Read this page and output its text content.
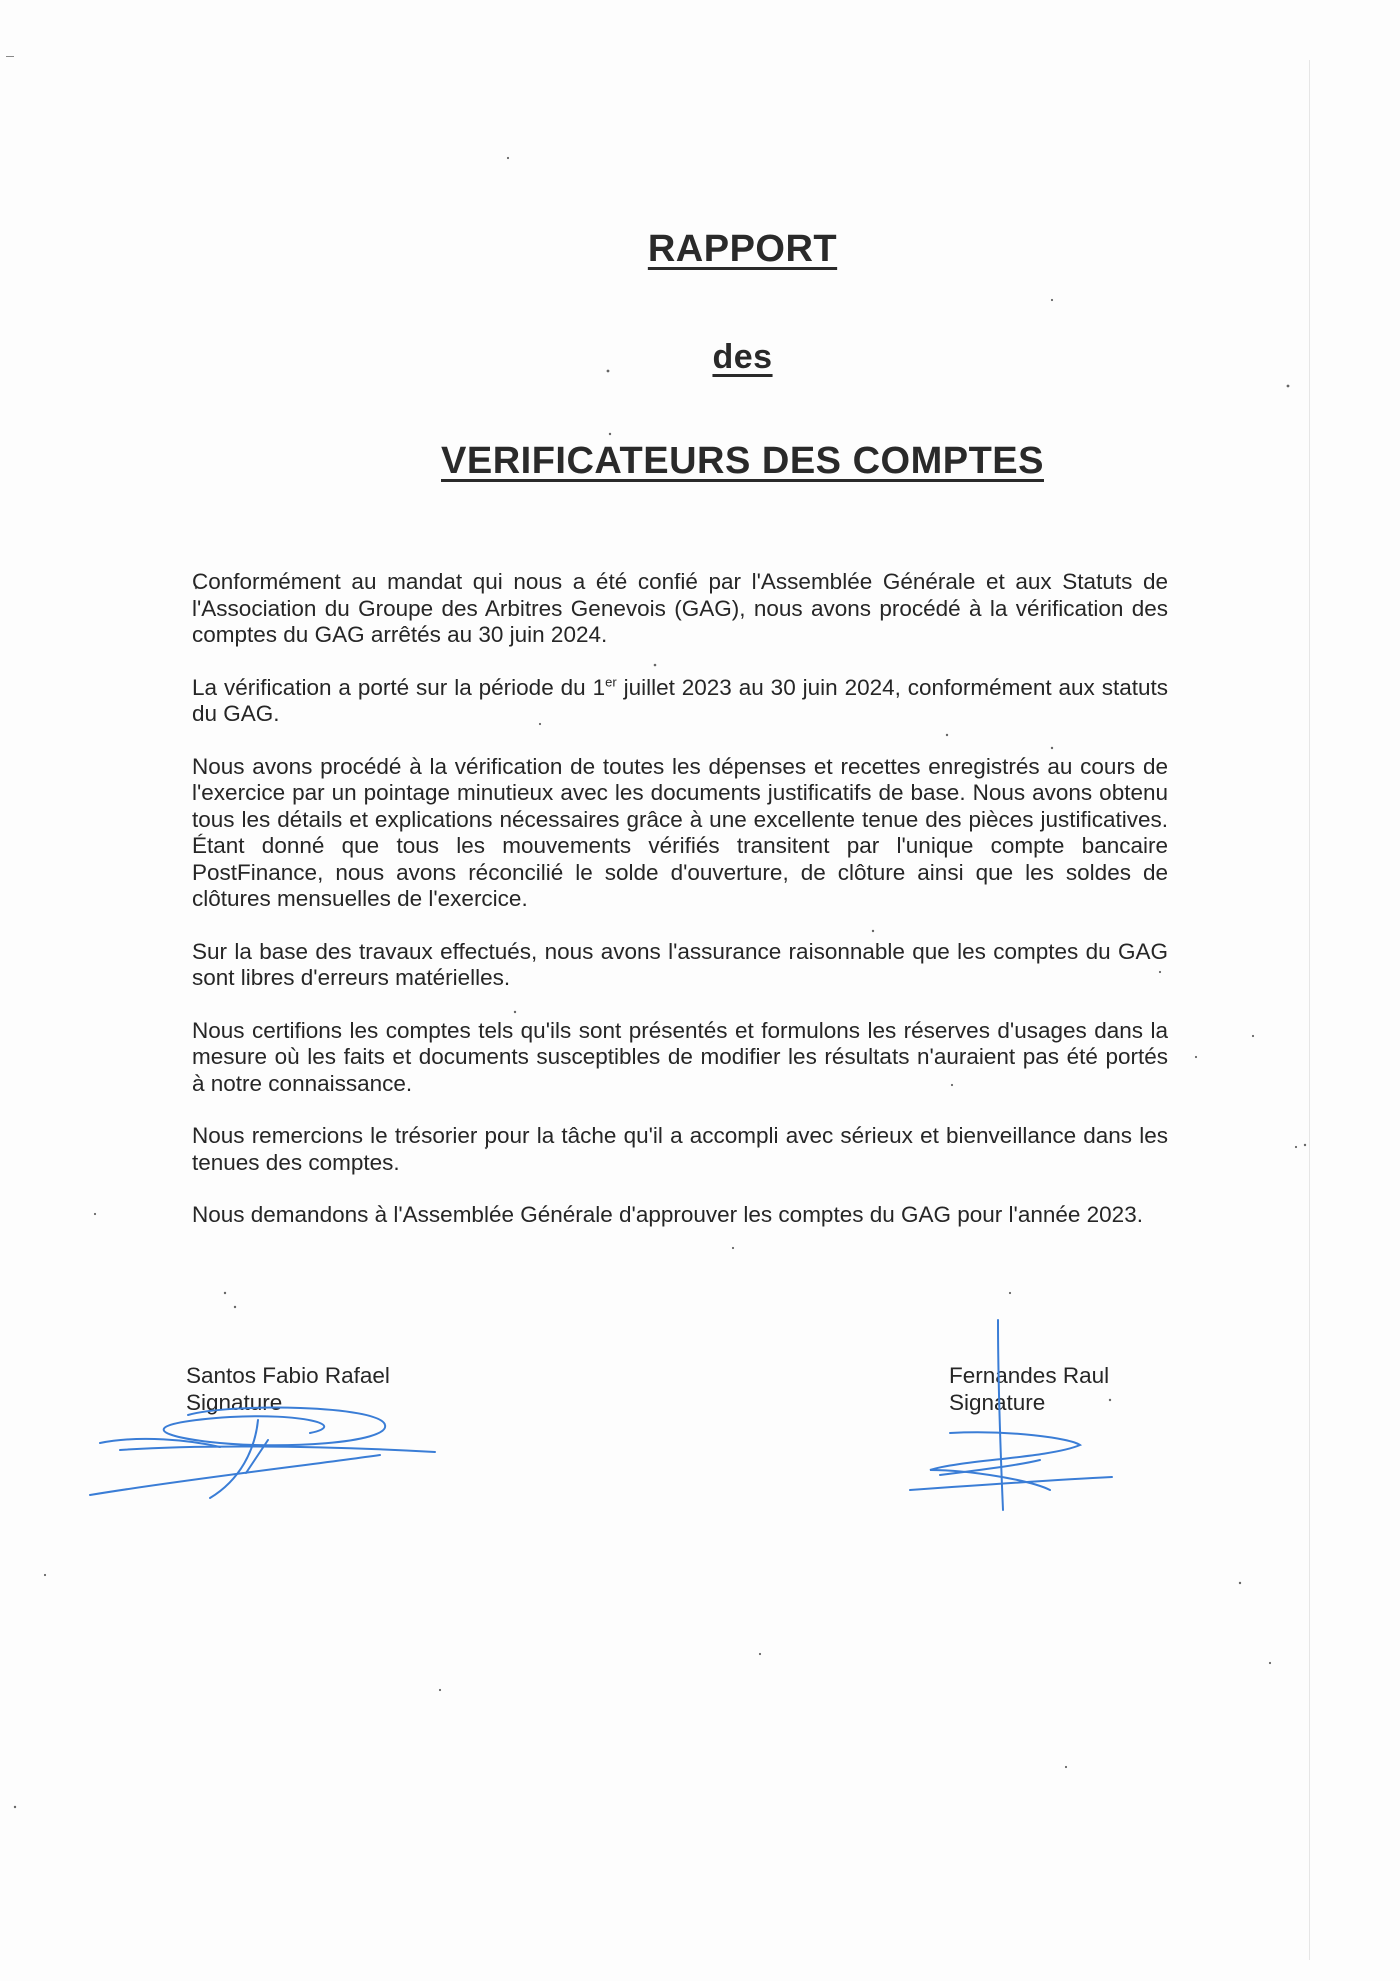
RAPPORT
des
VERIFICATEURS DES COMPTES

Conformément au mandat qui nous a été confié par l'Assemblée Générale et aux Statuts de l'Association du Groupe des Arbitres Genevois (GAG), nous avons procédé à la vérification des comptes du GAG arrêtés au 30 juin 2024.

La vérification a porté sur la période du 1er juillet 2023 au 30 juin 2024, conformément aux statuts du GAG.

Nous avons procédé à la vérification de toutes les dépenses et recettes enregistrés au cours de l'exercice par un pointage minutieux avec les documents justificatifs de base. Nous avons obtenu tous les détails et explications nécessaires grâce à une excellente tenue des pièces justificatives. Étant donné que tous les mouvements vérifiés transitent par l'unique compte bancaire PostFinance, nous avons réconcilié le solde d'ouverture, de clôture ainsi que les soldes de clôtures mensuelles de l'exercice.

Sur la base des travaux effectués, nous avons l'assurance raisonnable que les comptes du GAG sont libres d'erreurs matérielles.

Nous certifions les comptes tels qu'ils sont présentés et formulons les réserves d'usages dans la mesure où les faits et documents susceptibles de modifier les résultats n'auraient pas été portés à notre connaissance.

Nous remercions le trésorier pour la tâche qu'il a accompli avec sérieux et bienveillance dans les tenues des comptes.

Nous demandons à l'Assemblée Générale d'approuver les comptes du GAG pour l'année 2023.

Santos Fabio Rafael
Signature
Fernandes Raul
Signature
